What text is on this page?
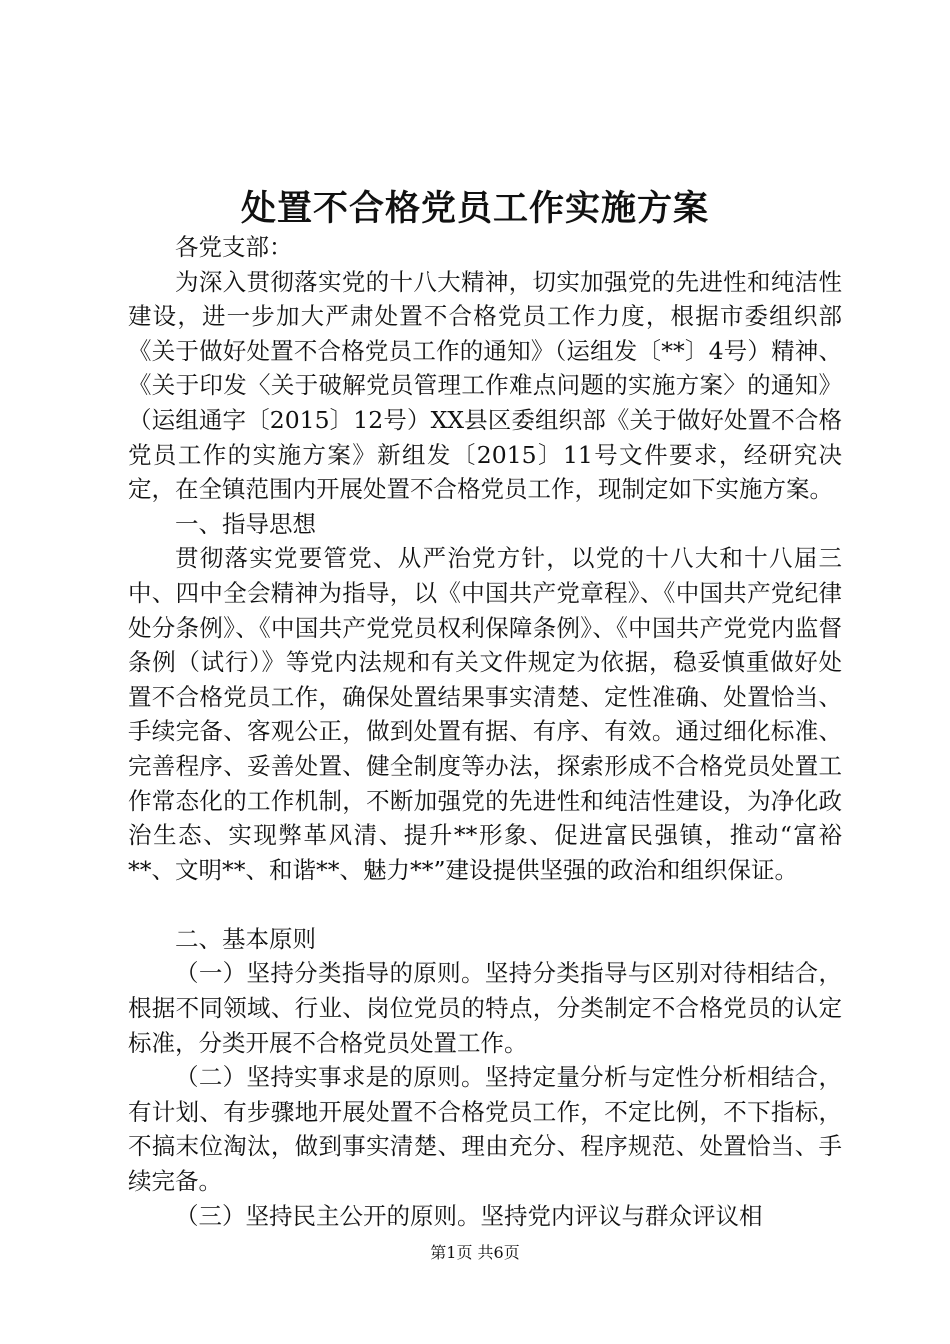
处置不合格党员工作实施方案

各党支部：

为深入贯彻落实党的十八大精神，切实加强党的先进性和纯洁性建设，进一步加大严肃处置不合格党员工作力度，根据市委组织部《关于做好处置不合格党员工作的通知》（运组发〔**〕4号）精神、《关于印发〈关于破解党员管理工作难点问题的实施方案〉的通知》（运组通字〔2015〕12号）XX县区委组织部《关于做好处置不合格党员工作的实施方案》新组发〔2015〕11号文件要求，经研究决定，在全镇范围内开展处置不合格党员工作，现制定如下实施方案。

一、指导思想

贯彻落实党要管党、从严治党方针，以党的十八大和十八届三中、四中全会精神为指导，以《中国共产党章程》、《中国共产党纪律处分条例》、《中国共产党党员权利保障条例》、《中国共产党党内监督条例（试行）》等党内法规和有关文件规定为依据，稳妥慎重做好处置不合格党员工作，确保处置结果事实清楚、定性准确、处置恰当、手续完备、客观公正，做到处置有据、有序、有效。通过细化标准、完善程序、妥善处置、健全制度等办法，探索形成不合格党员处置工作常态化的工作机制，不断加强党的先进性和纯洁性建设，为净化政治生态、实现弊革风清、提升**形象、促进富民强镇，推动“富裕**、文明**、和谐**、魅力**”建设提供坚强的政治和组织保证。

二、基本原则

（一）坚持分类指导的原则。坚持分类指导与区别对待相结合，根据不同领域、行业、岗位党员的特点，分类制定不合格党员的认定标准，分类开展不合格党员处置工作。

（二）坚持实事求是的原则。坚持定量分析与定性分析相结合，有计划、有步骤地开展处置不合格党员工作，不定比例，不下指标，不搞末位淘汰，做到事实清楚、理由充分、程序规范、处置恰当、手续完备。

（三）坚持民主公开的原则。坚持党内评议与群众评议相

第1页 共6页
